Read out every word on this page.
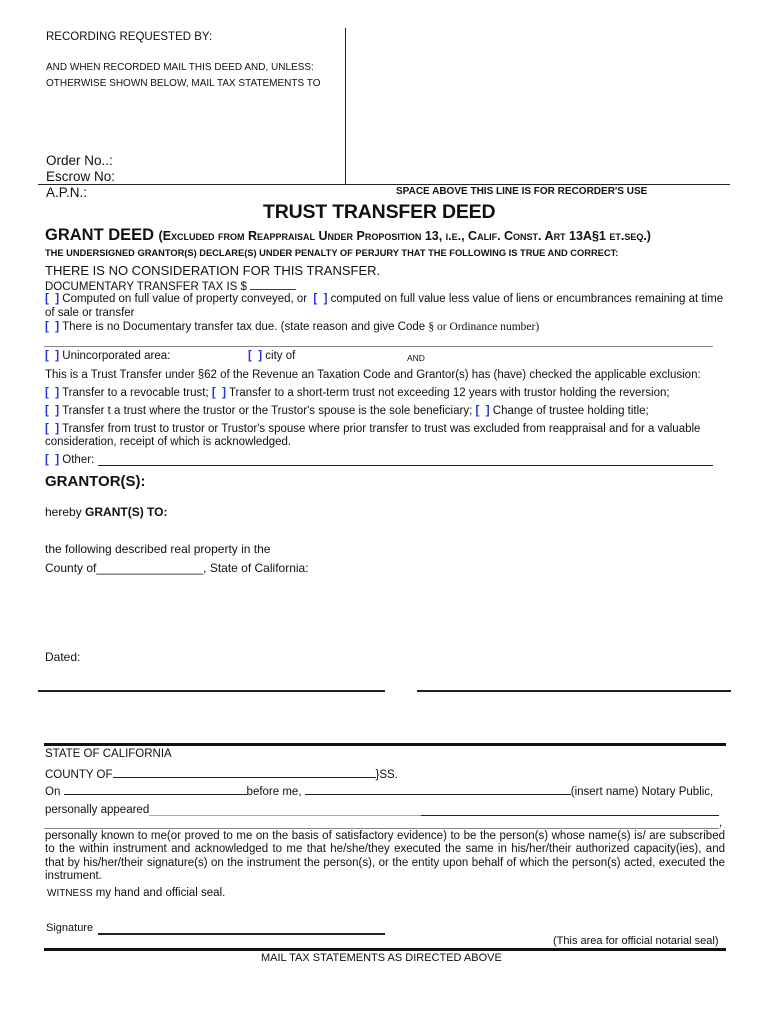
RECORDING REQUESTED BY:
AND WHEN RECORDED MAIL THIS DEED AND, UNLESS:
OTHERWISE SHOWN BELOW, MAIL TAX STATEMENTS TO
Order No..:
Escrow No:
A.P.N.:	SPACE ABOVE THIS LINE IS FOR RECORDER'S USE
TRUST TRANSFER DEED
GRANT DEED (Excluded from Reappraisal Under Proposition 13, i.e., Calif. Const. Art 13A§1 et.seq.)
THE UNDERSIGNED GRANTOR(S) DECLARE(S) UNDER PENALTY OF PERJURY THAT THE FOLLOWING IS TRUE AND CORRECT:
THERE IS NO CONSIDERATION FOR THIS TRANSFER.
DOCUMENTARY TRANSFER TAX IS $
[ ] Computed on full value of property conveyed, or [ ] computed on full value less value of liens or encumbrances remaining at time
of sale or transfer
[ ] There is no Documentary transfer tax due. (state reason and give Code § or Ordinance number)
[ ] Unincorporated area:	[ ] city of	AND
This is a Trust Transfer under §62 of the Revenue an Taxation Code and Grantor(s) has (have) checked the applicable exclusion:
[ ] Transfer to a revocable trust; [ ] Transfer to a short-term trust not exceeding 12 years with trustor holding the reversion;
[ ] Transfer t a trust where the trustor or the Trustor's spouse is the sole beneficiary; [ ] Change of trustee holding title;
[ ] Transfer from trust to trustor or Trustor's spouse where prior transfer to trust was excluded from reappraisal and for a valuable
consideration, receipt of which is acknowledged.
[ ] Other:
GRANTOR(S):
hereby GRANT(S) TO:
the following described real property in the
County of________________, State of California:
Dated:
STATE OF CALIFORNIA
COUNTY OF	}SS.
On	before me,	(insert name) Notary Public,
personally appeared
,
personally known to me(or proved to me on the basis of satisfactory evidence) to be the person(s) whose name(s) is/ are subscribed to the within instrument and acknowledged to me that he/she/they executed the same in his/her/their authorized capacity(ies), and that by his/her/their signature(s) on the instrument the person(s), or the entity upon behalf of which the person(s) acted, executed the instrument.
WITNESS my hand and official seal.
Signature
(This area for official notarial seal)
MAIL TAX STATEMENTS AS DIRECTED ABOVE
